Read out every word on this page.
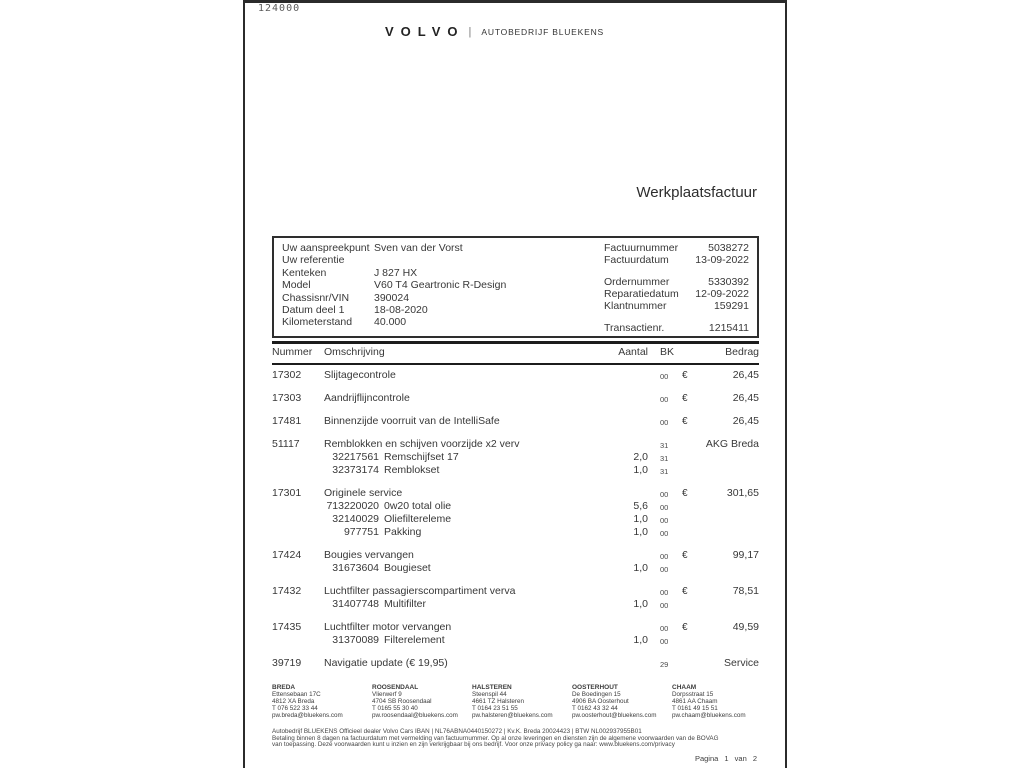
124000
VOLVO | AUTOBEDRIJF BLUEKENS
Werkplaatsfactuur
Uw aanspreekpunt Sven van der Vorst
Uw referentie
Kenteken	J 827 HX
Model	V60 T4 Geartronic R-Design
Chassisnr/VIN	390024
Datum deel 1	18-08-2020
Kilometerstand	40.000
Factuurnummer	5038272
Factuurdatum	13-09-2022
Ordernummer	5330392
Reparatiedatum 12-09-2022
Klantnummer	159291
Transactienr.	1215411
Nummer	Omschrijving	Aantal BK	Bedrag
17302	Slijtagecontrole	00	€	26,45
17303	Aandrijflijncontrole	00	€	26,45
17481	Binnenzijde voorruit van de IntelliSafe	00	€	26,45
51117	Remblokken en schijven voorzijde x2 verv	31	AKG Breda
32217561 Remschijfset 17	2,0 31
32373174 Remblokset	1,0 31
17301	Originele service	00	€	301,65
713220020 0w20 total olie	5,6 00
32140029 Oliefiltereleme	1,0 00
977751 Pakking	1,0 00
17424	Bougies vervangen	00	€	99,17
31673604 Bougieset	1,0 00
17432	Luchtfilter passagierscompartiment verva	00	€	78,51
31407748 Multifilter	1,0 00
17435	Luchtfilter motor vervangen	00	€	49,59
31370089 Filterelement	1,0 00
39719	Navigatie update (€ 19,95)	29	Service
BREDA
Ettensebaan 17C
4812 XA Breda
T 076 522 33 44
pw.breda@bluekens.com
ROOSENDAAL
Vlierwerf 9
4704 SB Roosendaal
T 0165 55 30 40
pw.roosendaal@bluekens.com
HALSTEREN
Steenspil 44
4661 TZ Halsteren
T 0164 23 51 55
pw.halsteren@bluekens.com
OOSTERHOUT
De Boedingen 15
4906 BA Oosterhout
T 0162 43 32 44
pw.oosterhout@bluekens.com
CHAAM
Dorpsstraat 15
4861 AA Chaam
T 0161 49 15 51
pw.chaam@bluekens.com
Autobedrijf BLUEKENS Officieel dealer Volvo Cars IBAN | NL76ABNA0440150272 | Kv.K. Breda 20024423 | BTW NL002937955B01
Betaling binnen 8 dagen na factuurdatum met vermelding van factuurnummer. Op al onze leveringen en diensten zijn de algemene voorwaarden van de BOVAG
van toepassing. Deze voorwaarden kunt u inzien en zijn verkrijgbaar bij ons bedrijf. Voor onze privacy policy ga naar: www.bluekens.com/privacy
Pagina 1 van 2
